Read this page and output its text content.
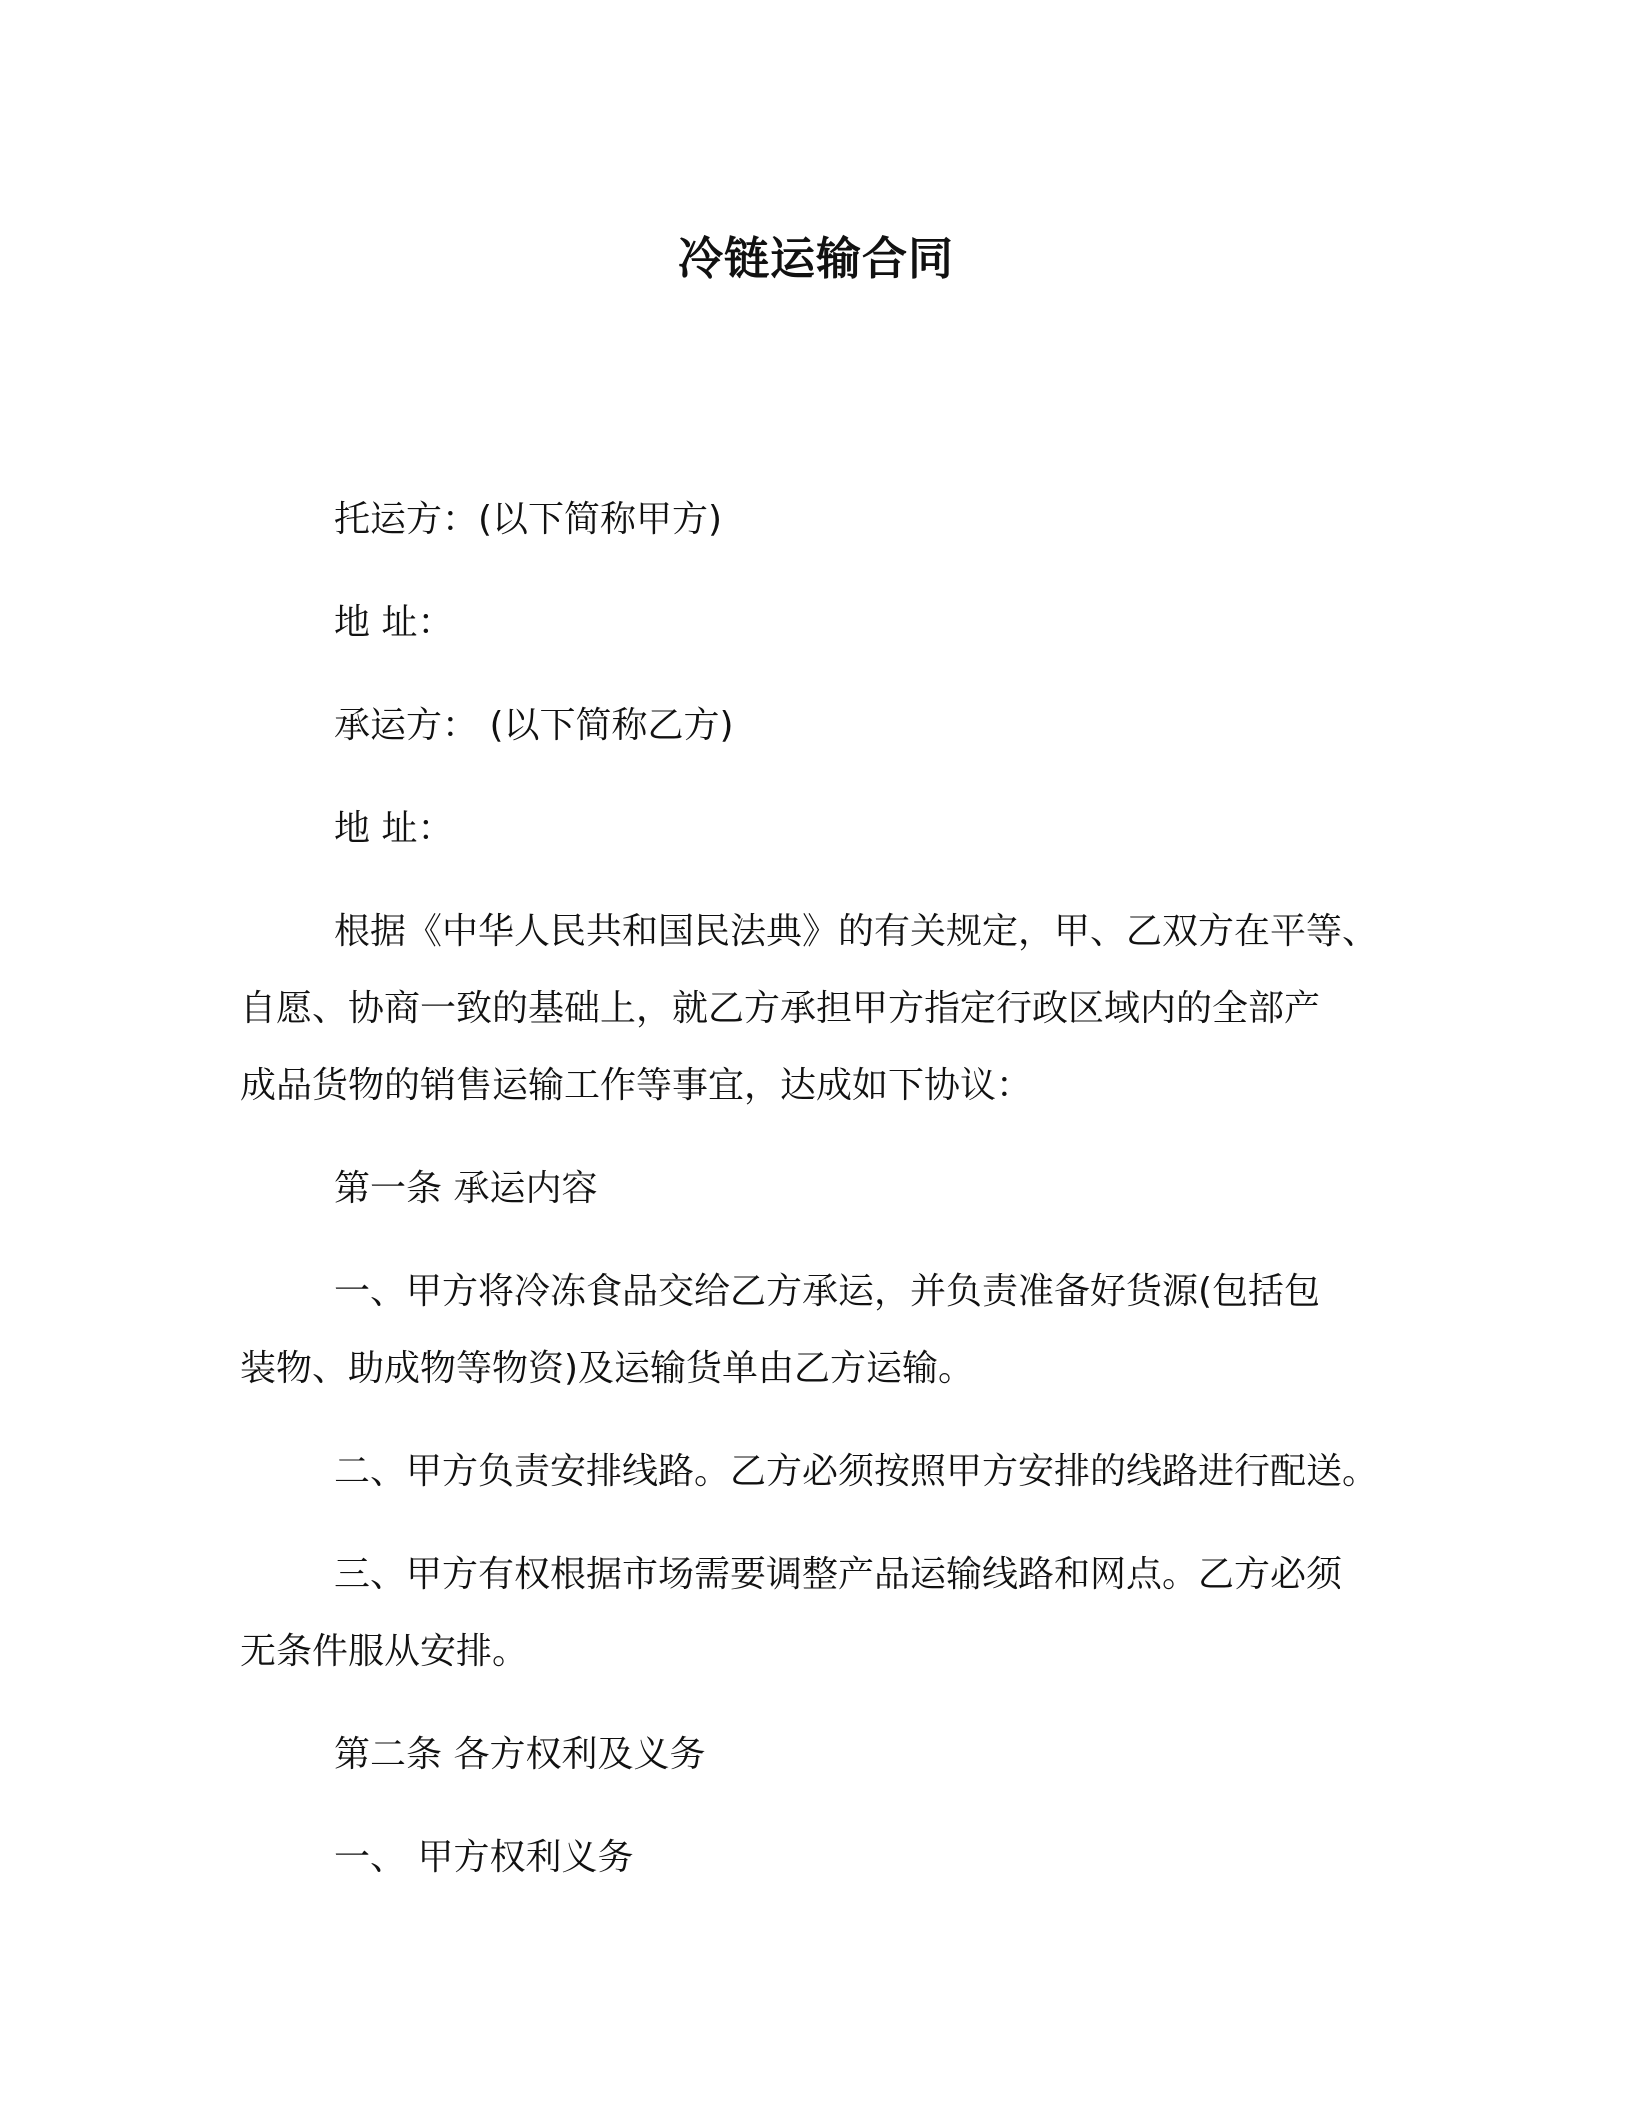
冷链运输合同
托运方：(以下简称甲方)
地 址：
承运方： (以下简称乙方)
地 址：
根据《中华人民共和国民法典》的有关规定，甲、乙双方在平等、
自愿、协商一致的基础上，就乙方承担甲方指定行政区域内的全部产
成品货物的销售运输工作等事宜，达成如下协议：
第一条 承运内容
一、甲方将冷冻食品交给乙方承运，并负责准备好货源(包括包
装物、助成物等物资)及运输货单由乙方运输。
二、甲方负责安排线路。乙方必须按照甲方安排的线路进行配送。
三、甲方有权根据市场需要调整产品运输线路和网点。乙方必须
无条件服从安排。
第二条 各方权利及义务
一、 甲方权利义务
